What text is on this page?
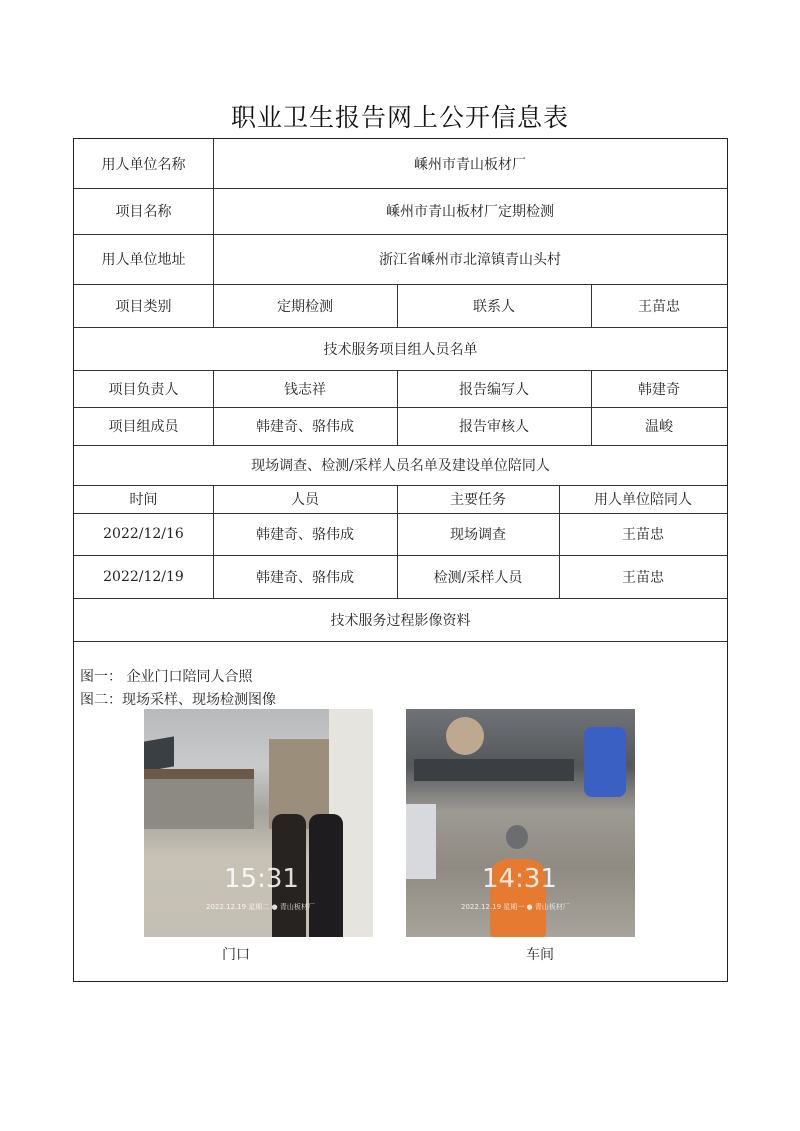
职业卫生报告网上公开信息表
用人单位名称	嵊州市青山板材厂
项目名称	嵊州市青山板材厂定期检测
用人单位地址	浙江省嵊州市北漳镇青山头村
项目类别	定期检测	联系人	王苗忠
技术服务项目组人员名单
项目负责人	钱志祥	报告编写人	韩建奇
项目组成员	韩建奇、骆伟成	报告审核人	温峻
现场调查、检测/采样人员名单及建设单位陪同人
时间	人员	主要任务	用人单位陪同人
2022/12/16	韩建奇、骆伟成	现场调查	王苗忠
2022/12/19	韩建奇、骆伟成	检测/采样人员	王苗忠
技术服务过程影像资料
图一： 企业门口陪同人合照
图二：现场采样、现场检测图像
15:31
2022.12.19 星期二 ● 青山板材厂
门口
14:31
2022.12.19 星期一 ● 青山板材厂
车间
